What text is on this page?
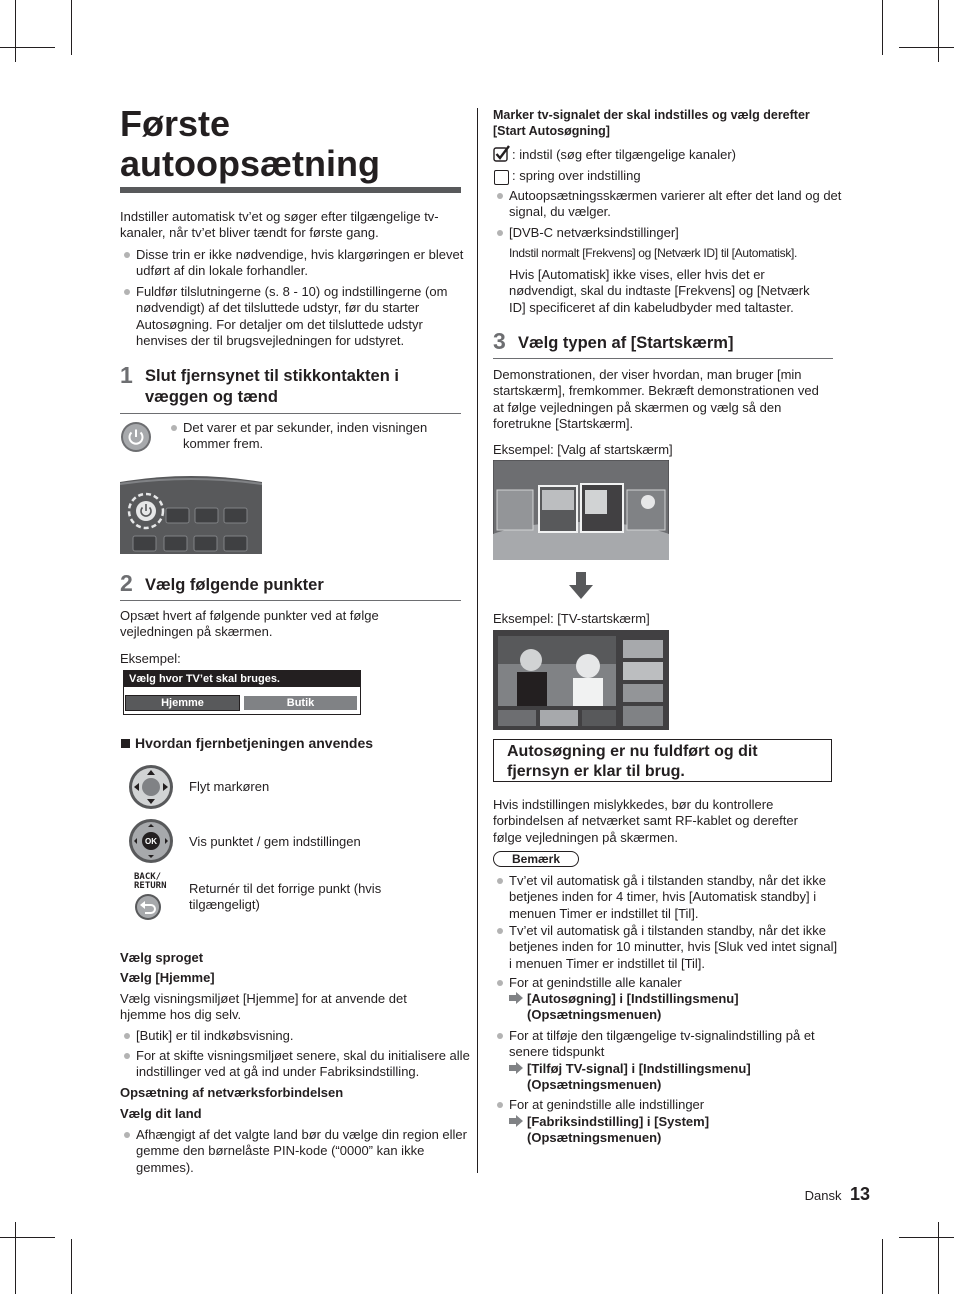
Første
autoopsætning

Indstiller automatisk tv’et og søger efter tilgængelige tv-kanaler, når tv’et bliver tændt for første gang.

Disse trin er ikke nødvendige, hvis klargøringen er blevet udført af din lokale forhandler.
Fuldfør tilslutningerne (s. 8 - 10) og indstillingerne (om nødvendigt) af det tilsluttede udstyr, før du starter Autosøgning. For detaljer om det tilsluttede udstyr henvises der til brugsvejledningen for udstyret.
1 Slut fjernsynet til stikkontakten i væggen og tænd
Det varer et par sekunder, inden visningen kommer frem.
2 Vælg følgende punkter

Opsæt hvert af følgende punkter ved at følge vejledningen på skærmen.

Eksempel:

Vælg hvor TV’et skal bruges.
Hjemme	Butik
Hvordan fjernbetjeningen anvendes

Flyt markøren

OK Vis punktet / gem indstillingen

BACK/ RETURN	Returnér til det forrige punkt (hvis tilgængeligt)

Vælg sproget

Vælg [Hjemme]

Vælg visningsmiljøet [Hjemme] for at anvende det hjemme hos dig selv.

[Butik] er til indkøbsvisning.
For at skifte visningsmiljøet senere, skal du initialisere alle indstillinger ved at gå ind under Fabriksindstilling.

Opsætning af netværksforbindelsen

Vælg dit land

Afhængigt af det valgte land bør du vælge din region eller gemme den børnelåste PIN-kode (“0000” kan ikke gemmes).

Marker tv-signalet der skal indstilles og vælg derefter [Start Autosøgning]

: indstil (søg efter tilgængelige kanaler)

: spring over indstilling

Autoopsætningsskærmen varierer alt efter det land og det signal, du vælger.
[DVB-C netværksindstillinger]

Indstil normalt [Frekvens] og [Netværk ID] til [Automatisk].

Hvis [Automatisk] ikke vises, eller hvis det er nødvendigt, skal du indtaste [Frekvens] og [Netværk ID] specificeret af din kabeludbyder med taltaster.

3 Vælg typen af [Startskærm]

Demonstrationen, der viser hvordan, man bruger [min startskærm], fremkommer. Bekræft demonstrationen ved at følge vejledningen på skærmen og vælg så den foretrukne [Startskærm].

Eksempel: [Valg af startskærm]

Eksempel: [TV-startskærm]

Autosøgning er nu fuldført og dit fjernsyn er klar til brug.

Hvis indstillingen mislykkedes, bør du kontrollere forbindelsen af netværket samt RF-kablet og derefter følge vejledningen på skærmen.

Bemærk
Tv’et vil automatisk gå i tilstanden standby, når det ikke betjenes inden for 4 timer, hvis [Automatisk standby] i menuen Timer er indstillet til [Til].
Tv’et vil automatisk gå i tilstanden standby, når det ikke betjenes inden for 10 minutter, hvis [Sluk ved intet signal] i menuen Timer er indstillet til [Til].
For at genindstille alle kanaler
[Autosøgning] i [Indstillingsmenu] (Opsætningsmenuen)
For at tilføje den tilgængelige tv-signalindstilling på et senere tidspunkt
[Tilføj TV-signal] i [Indstillingsmenu] (Opsætningsmenuen)
For at genindstille alle indstillinger
[Fabriksindstilling] i [System] (Opsætningsmenuen)
Dansk 13
